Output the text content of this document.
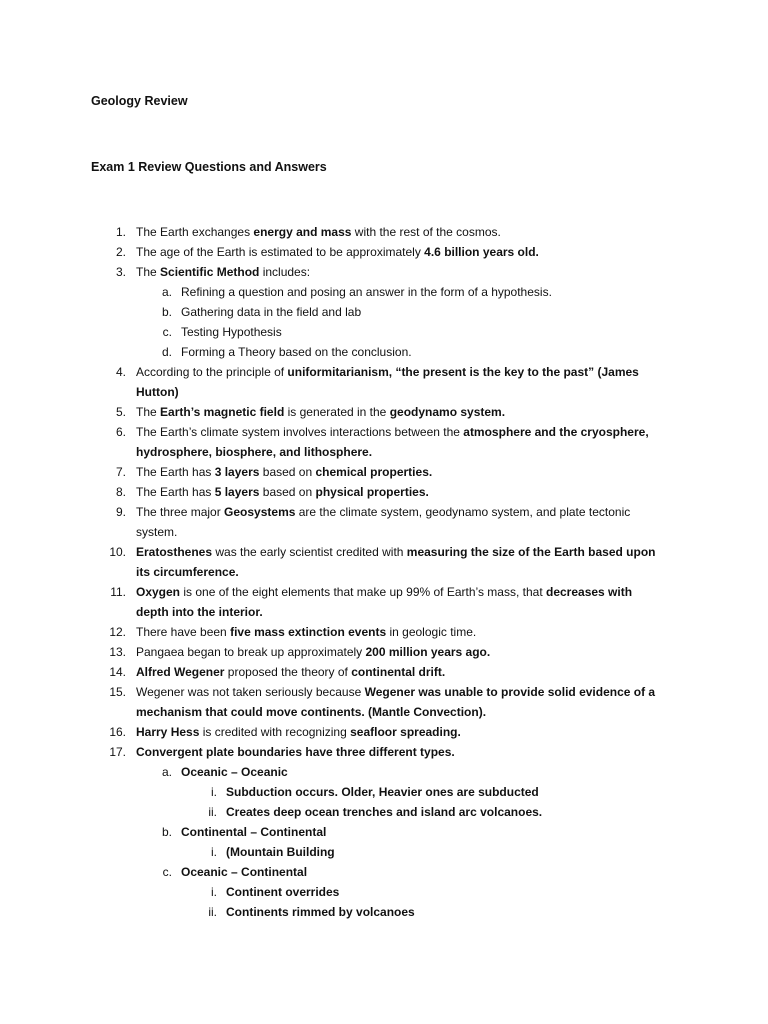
Geology Review
Exam 1 Review Questions and Answers
1. The Earth exchanges energy and mass with the rest of the cosmos.
2. The age of the Earth is estimated to be approximately 4.6 billion years old.
3. The Scientific Method includes:
a. Refining a question and posing an answer in the form of a hypothesis.
b. Gathering data in the field and lab
c. Testing Hypothesis
d. Forming a Theory based on the conclusion.
4. According to the principle of uniformitarianism, “the present is the key to the past” (James
Hutton)
5. The Earth’s magnetic field is generated in the geodynamo system.
6. The Earth’s climate system involves interactions between the atmosphere and the cryosphere,
hydrosphere, biosphere, and lithosphere.
7. The Earth has 3 layers based on chemical properties.
8. The Earth has 5 layers based on physical properties.
9. The three major Geosystems are the climate system, geodynamo system, and plate tectonic
system.
10. Eratosthenes was the early scientist credited with measuring the size of the Earth based upon
its circumference.
11. Oxygen is one of the eight elements that make up 99% of Earth’s mass, that decreases with
depth into the interior.
12. There have been five mass extinction events in geologic time.
13. Pangaea began to break up approximately 200 million years ago.
14. Alfred Wegener proposed the theory of continental drift.
15. Wegener was not taken seriously because Wegener was unable to provide solid evidence of a
mechanism that could move continents. (Mantle Convection).
16. Harry Hess is credited with recognizing seafloor spreading.
17. Convergent plate boundaries have three different types.
a. Oceanic – Oceanic
i. Subduction occurs. Older, Heavier ones are subducted
ii. Creates deep ocean trenches and island arc volcanoes.
b. Continental – Continental
i. (Mountain Building
c. Oceanic – Continental
i. Continent overrides
ii. Continents rimmed by volcanoes
